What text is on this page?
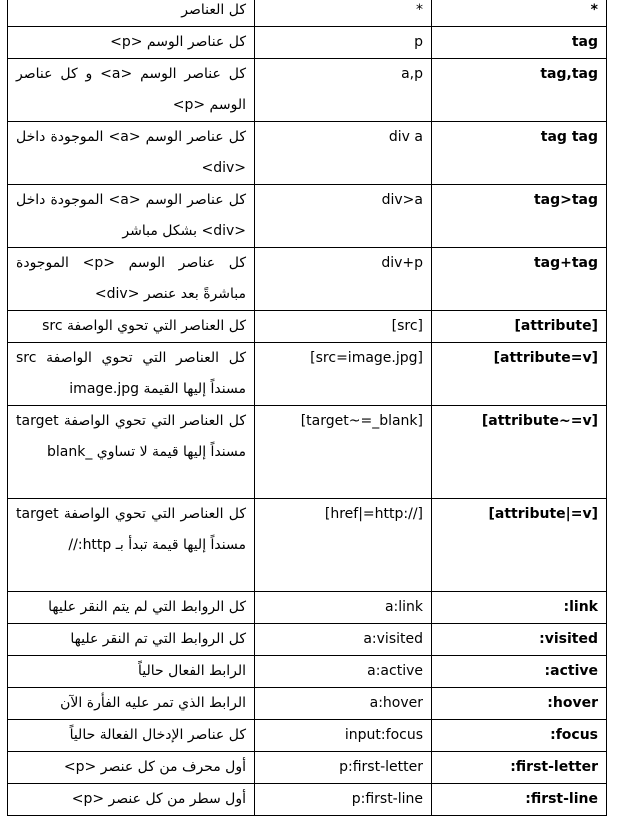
كل العناصر	*	*
كل عناصر الوسم <p>	p	tag
كل عناصر الوسم <a> و كل عناصر الوسم <p>	a,p	tag,tag
كل عناصر الوسم <a> الموجودة داخل <div>	div a	tag tag
كل عناصر الوسم <a> الموجودة داخل <div> بشكل مباشر	div>a	tag>tag
كل عناصر الوسم <p> الموجودة مباشرةً بعد عنصر <div>	div+p	tag+tag
كل العناصر التي تحوي الواصفة src	[src]	[attribute]
كل العناصر التي تحوي الواصفة src مسنداً إليها القيمة image.jpg	[src=image.jpg]	[attribute=v]
كل العناصر التي تحوي الواصفة target مسنداً إليها قيمة لا تساوي _blank	[target~=_blank]	[attribute~=v]
كل العناصر التي تحوي الواصفة target مسنداً إليها قيمة تبدأ بـ http://	[href|=http://]	[attribute|=v]
كل الروابط التي لم يتم النقر عليها	a:link	:link
كل الروابط التي تم النقر عليها	a:visited	:visited
الرابط الفعال حالياً	a:active	:active
الرابط الذي تمر عليه الفأرة الآن	a:hover	:hover
كل عناصر الإدخال الفعالة حالياً	input:focus	:focus
أول محرف من كل عنصر <p>	p:first-letter	:first-letter
أول سطر من كل عنصر <p>	p:first-line	:first-line
